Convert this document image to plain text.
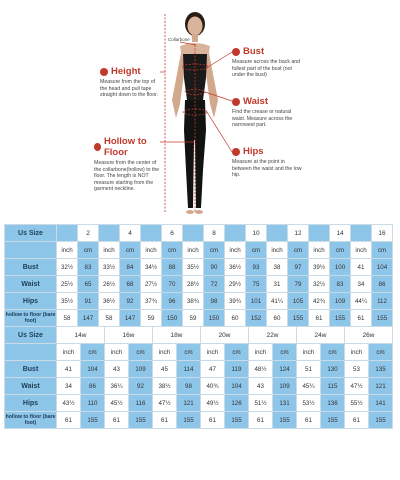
Collarbone
Height
Measure from the top of the head and pull tape straight down to the floor.
Hollow to Floor
Measure from the center of the collarbone(hollow) to the floor. The length is NOT measure starting from the garment neckline.
Bust
Measure across the back and fullest part of the bust (not under the bust)
Waist
Find the crease or natural waist. Measure across the narrowest part.
Hips
Measure at the point in between the waist and the low hip.
Us Size		2		4		6		8		10		12		14		16
	inch	cm	inch	cm	inch	cm	inch	cm	inch	cm	inch	cm	inch	cm	inch	cm
Bust	32½	83	33½	84	34½	88	35½	90	36½	93	38	97	39½	100	41	104
Waist	25½	65	26½	68	27½	70	28½	72	29½	75	31	79	32½	83	34	86
Hips	35½	91	36½	92	37¾	96	38¾	98	39¾	101	41¼	105	42¾	109	44¼	112
hollow to floor (bare foot)	58	147	58	147	59	150	59	150	60	152	60	155	61	155	61	155
Us Size	14w		16w		18w		20w		22w		24w		26w	
	inch	cm	inch	cm	inch	cm	inch	cm	inch	cm	inch	cm	inch	cm
Bust	41	104	43	109	45	114	47	119	48½	124	51	130	53	135
Waist	34	86	36¼	92	38½	98	40¾	104	43	109	45¼	115	47½	121
Hips	43½	110	45½	116	47½	121	49½	126	51½	131	53½	136	55½	141
hollow to floor (bare foot)	61	155	61	155	61	155	61	155	61	155	61	155	61	155
